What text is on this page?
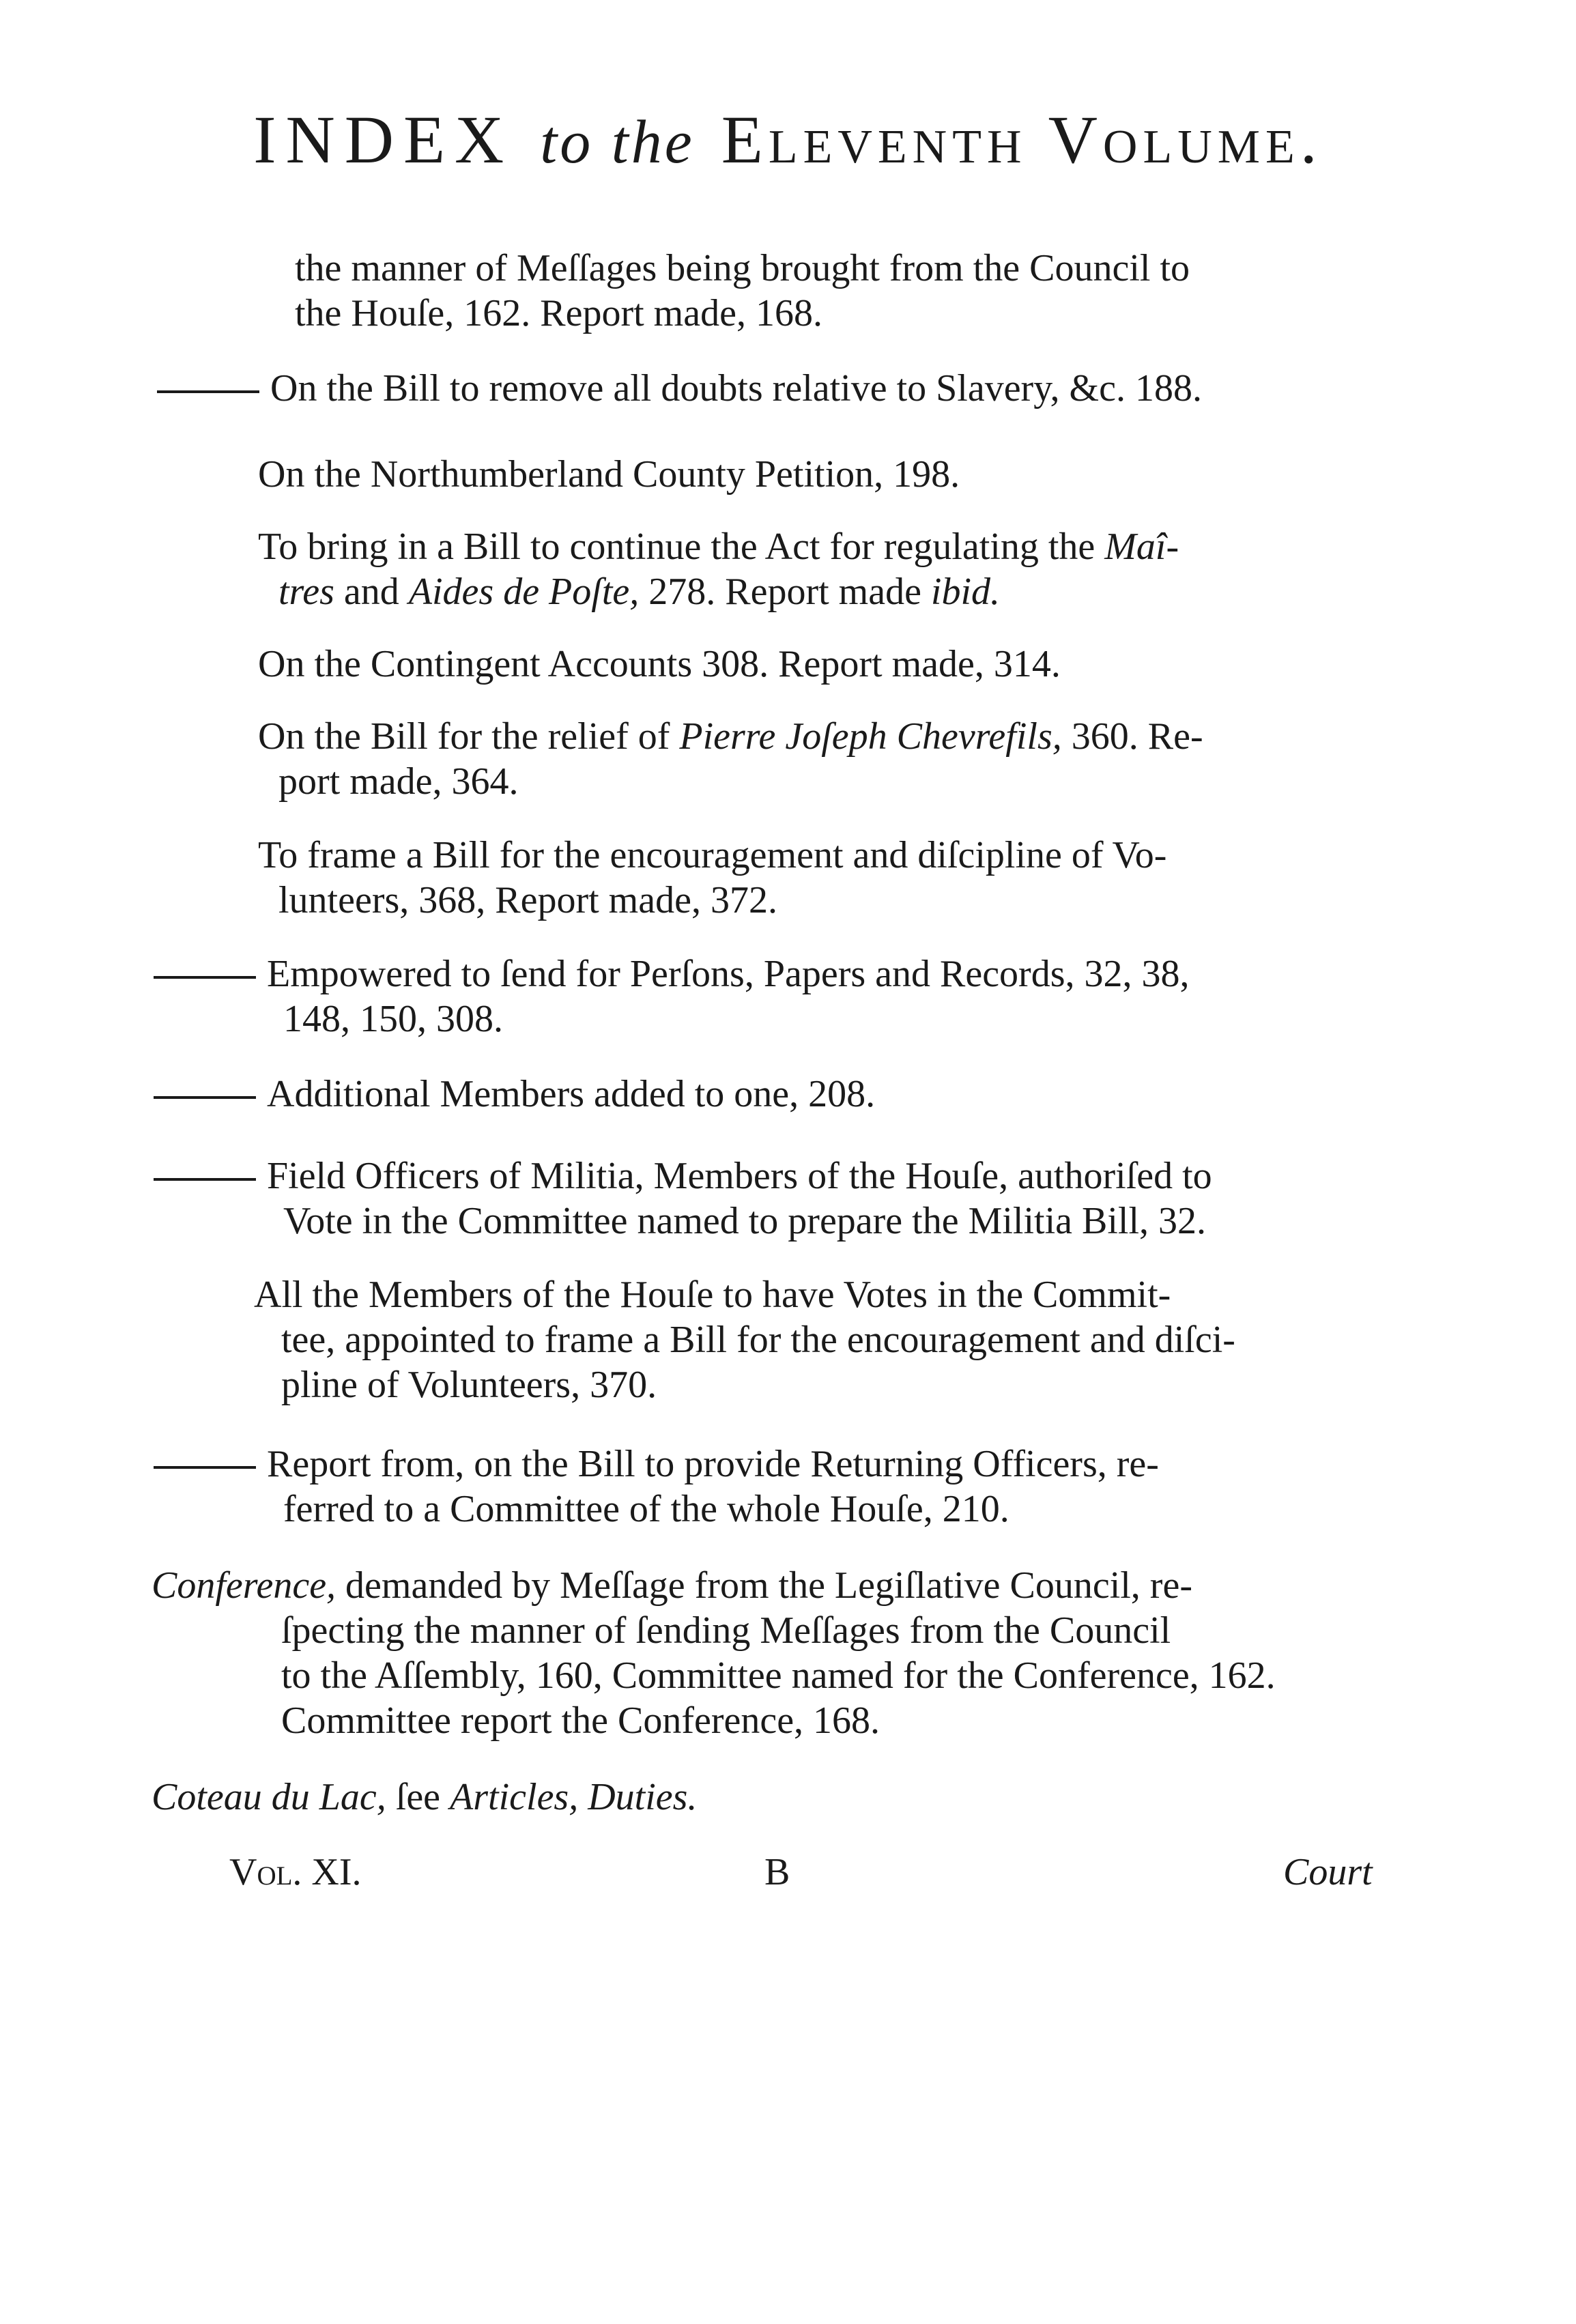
INDEX to the Eleventh Volume.
the manner of Meſſages being brought from the Council to
the Houſe, 162. Report made, 168.
On the Bill to remove all doubts relative to Slavery, &c. 188.
On the Northumberland County Petition, 198.
To bring in a Bill to continue the Act for regulating the Maî-
tres and Aides de Poſte, 278. Report made ibid.
On the Contingent Accounts 308. Report made, 314.
On the Bill for the relief of Pierre Joſeph Chevrefils, 360. Re-
port made, 364.
To frame a Bill for the encouragement and diſcipline of Vo-
lunteers, 368, Report made, 372.
Empowered to ſend for Perſons, Papers and Records, 32, 38,
148, 150, 308.
Additional Members added to one, 208.
Field Officers of Militia, Members of the Houſe, authoriſed to
Vote in the Committee named to prepare the Militia Bill, 32.
All the Members of the Houſe to have Votes in the Commit-
tee, appointed to frame a Bill for the encouragement and diſci-
pline of Volunteers, 370.
Report from, on the Bill to provide Returning Officers, re-
ferred to a Committee of the whole Houſe, 210.
Conference, demanded by Meſſage from the Legiſlative Council, re-
ſpecting the manner of ſending Meſſages from the Council
to the Aſſembly, 160, Committee named for the Conference, 162.
Committee report the Conference, 168.
Coteau du Lac, ſee Articles, Duties.
Vol. XI.	B	Court
